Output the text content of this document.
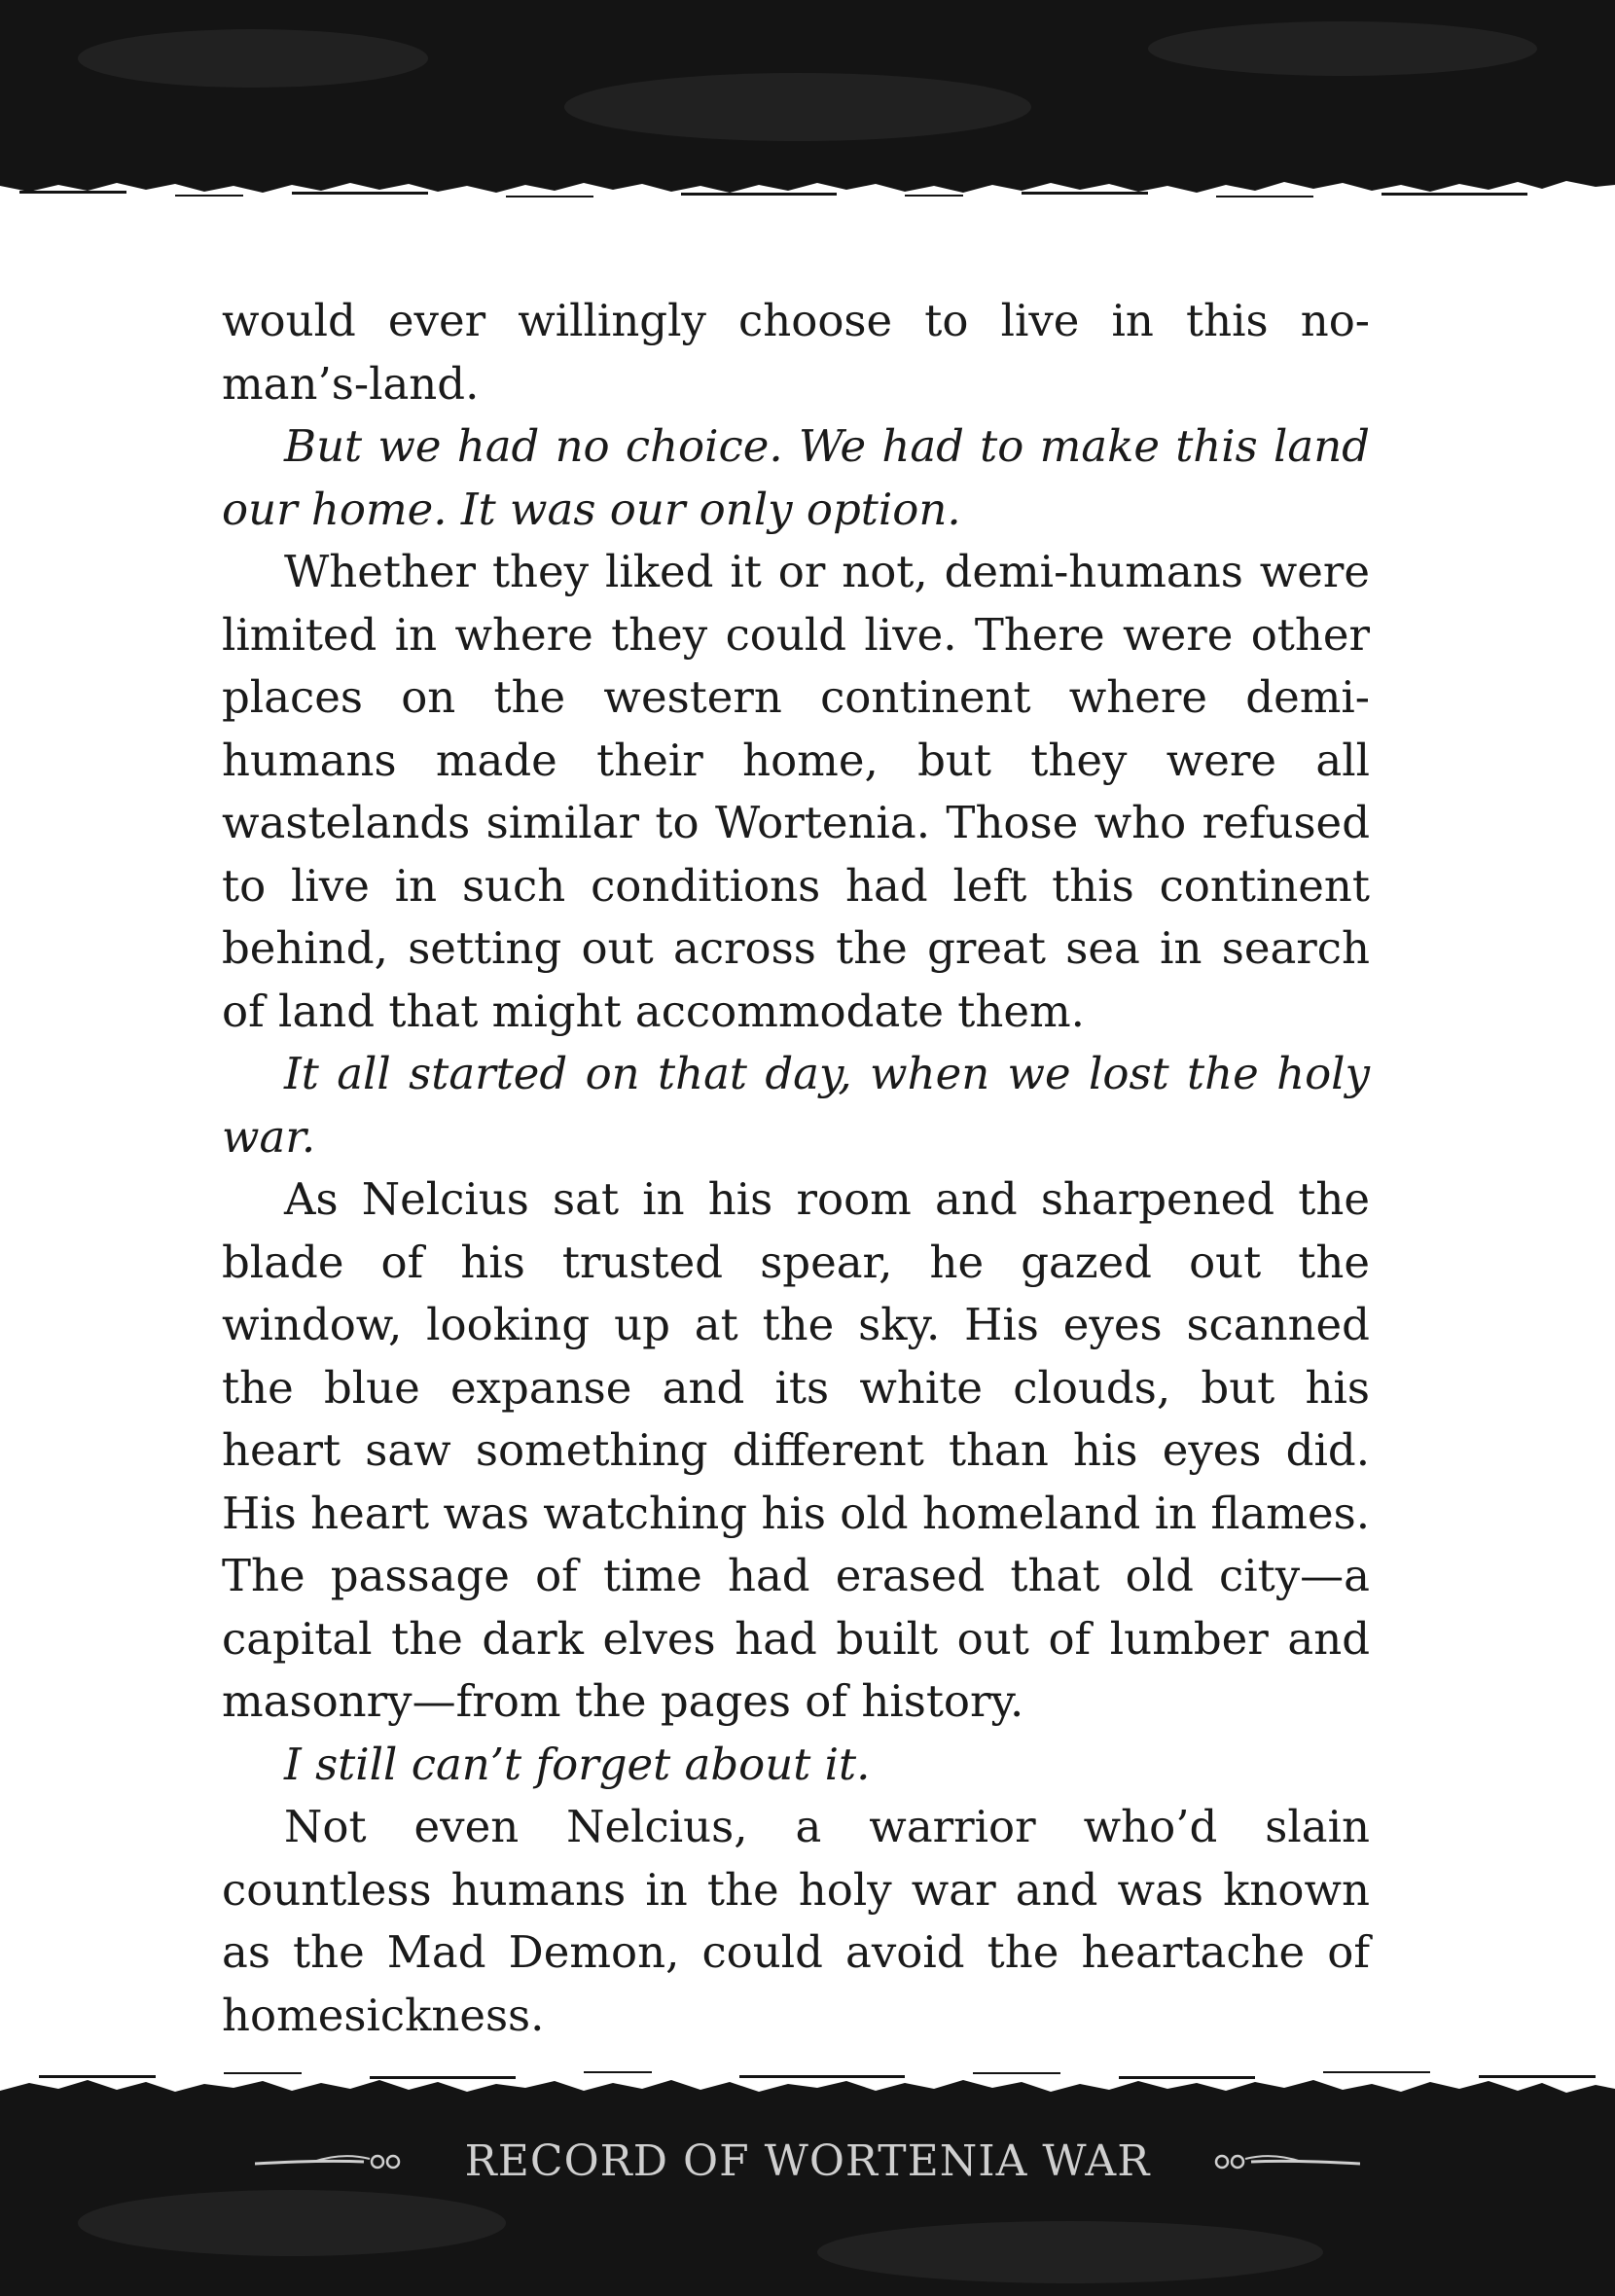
would ever willingly choose to live in this no-man’s-land.

But we had no choice. We had to make this land our home. It was our only option.

Whether they liked it or not, demi-humans were limited in where they could live. There were other places on the western continent where demi-humans made their home, but they were all wastelands similar to Wortenia. Those who refused to live in such conditions had left this continent behind, setting out across the great sea in search of land that might accommodate them.

It all started on that day, when we lost the holy war.

As Nelcius sat in his room and sharpened the blade of his trusted spear, he gazed out the window, looking up at the sky. His eyes scanned the blue expanse and its white clouds, but his heart saw something different than his eyes did. His heart was watching his old homeland in flames. The passage of time had erased that old city—a capital the dark elves had built out of lumber and masonry—from the pages of history.

I still can’t forget about it.

Not even Nelcius, a warrior who’d slain countless humans in the holy war and was known as the Mad Demon, could avoid the heartache of homesickness.

RECORD OF WORTENIA WAR
